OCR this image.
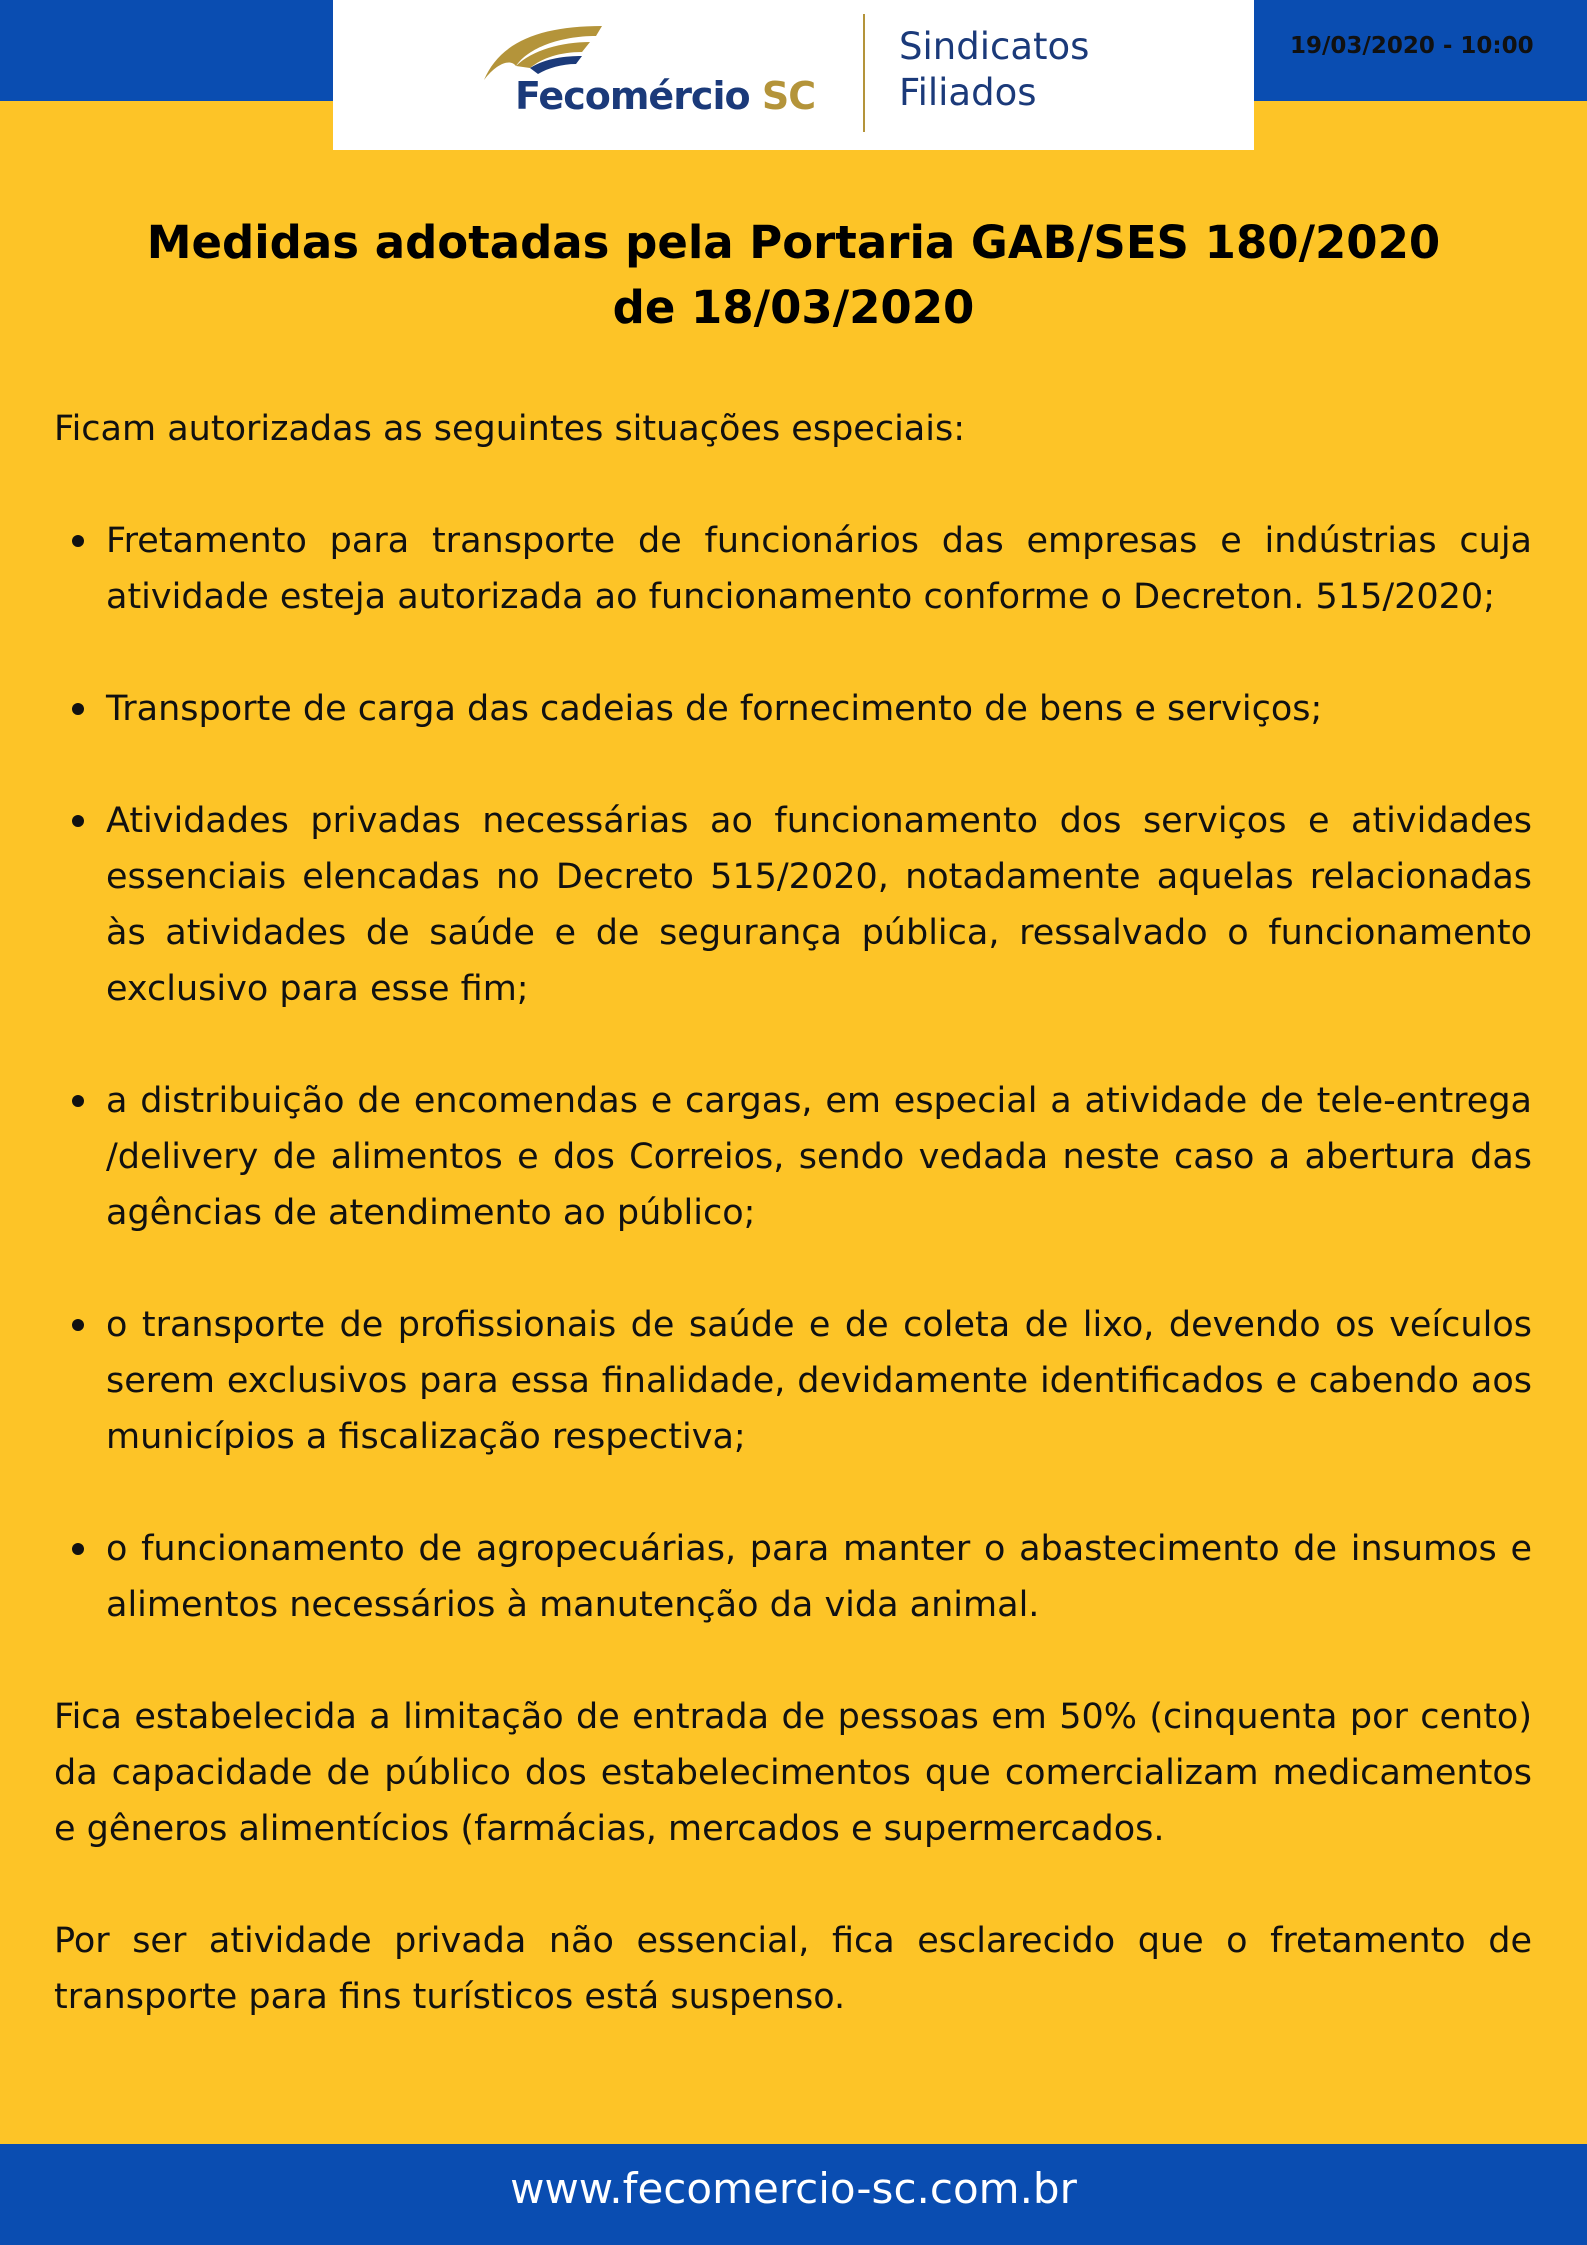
Fecomércio SC
Sindicatos
Filiados
19/03/2020 - 10:00
Medidas adotadas pela Portaria GAB/SES 180/2020
de 18/03/2020

Ficam autorizadas as seguintes situações especiais:

Fretamento para transporte de funcionários das empresas e indústrias cuja atividade esteja autorizada ao funcionamento conforme o Decreton. 515/2020;
Transporte de carga das cadeias de fornecimento de bens e serviços;
Atividades privadas necessárias ao funcionamento dos serviços e atividades essenciais elencadas no Decreto 515/2020, notadamente aquelas relacionadas às atividades de saúde e de segurança pública, ressalvado o funcionamento exclusivo para esse fim;
a distribuição de encomendas e cargas, em especial a atividade de tele-entrega /delivery de alimentos e dos Correios, sendo vedada neste caso a abertura das agências de atendimento ao público;
o transporte de profissionais de saúde e de coleta de lixo, devendo os veículos serem exclusivos para essa finalidade, devidamente identificados e cabendo aos municípios a fiscalização respectiva;
o funcionamento de agropecuárias, para manter o abastecimento de insumos e alimentos necessários à manutenção da vida animal.

Fica estabelecida a limitação de entrada de pessoas em 50% (cinquenta por cento) da capacidade de público dos estabelecimentos que comercializam medicamentos e gêneros alimentícios (farmácias, mercados e supermercados.

Por ser atividade privada não essencial, fica esclarecido que o fretamento de transporte para fins turísticos está suspenso.

www.fecomercio-sc.com.br
